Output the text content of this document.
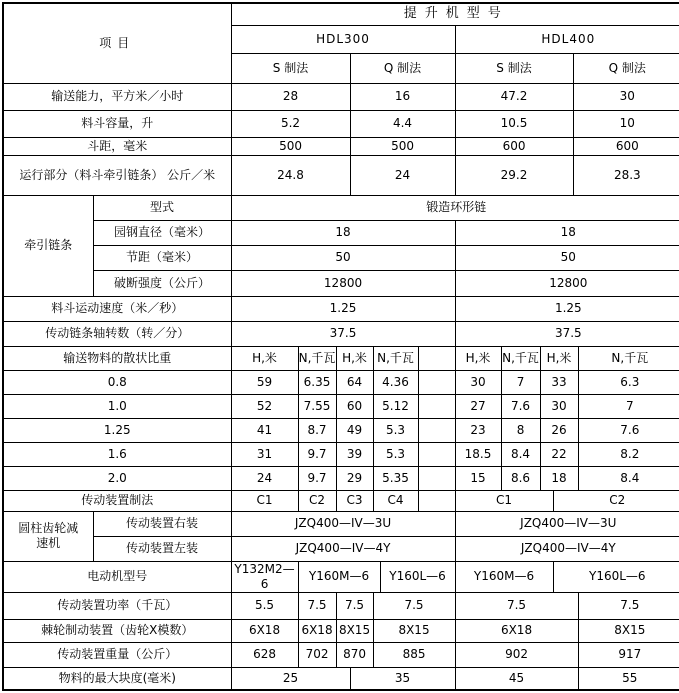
项目		提升机型号												
		HDL300							HDL400					
		S 制法			Q 制法				S 制法				Q 制法	
输送能力，平方米／小时		28			16				47.2				30	
料斗容量，升		5.2			4.4				10.5				10	
斗距，毫米		500			500				600				600	
运行部分（料斗牵引链条） 公斤／米		24.8			24				29.2				28.3	
牵引链条	型式	锻造环形链												
	园钢直径（毫米）	18							18					
	节距（毫米）	50							50					
	破断强度（公斤）	12800							12800					
料斗运动速度（米／秒）		1.25							1.25					
传动链条轴转数（转／分）		37.5							37.5					
输送物料的散状比重		H,米	N,千瓦	H,米		N,千瓦			H,米	N,千瓦	H,米			N,千瓦
0.8		59	6.35	64		4.36			30	7	33			6.3
1.0		52	7.55	60		5.12			27	7.6	30			7
1.25		41	8.7	49		5.3			23	8	26			7.6
1.6		31	9.7	39		5.3			18.5	8.4	22			8.2
2.0		24	9.7	29		5.35			15	8.6	18			8.4
传动装置制法		C1	C2	C3		C4			C1			C2		
圆柱齿轮减速机	传动装置右装	JZQ400—IV—3U							JZQ400—IV—3U					
	传动装置左装	JZQ400—IV—4Y							JZQ400—IV—4Y					
电动机型号		Y132M2—6	Y160M—6				Y160L—6		Y160M—6			Y160L—6		
传动装置功率（千瓦）		5.5	7.5	7.5		7.5			7.5					7.5
棘轮制动装置（齿轮X模数）		6X18	6X18	8X15		8X15			6X18					8X15
传动装置重量（公斤）		628	702	870		885			902					917
物料的最大块度(毫米)		25			35				45					55
